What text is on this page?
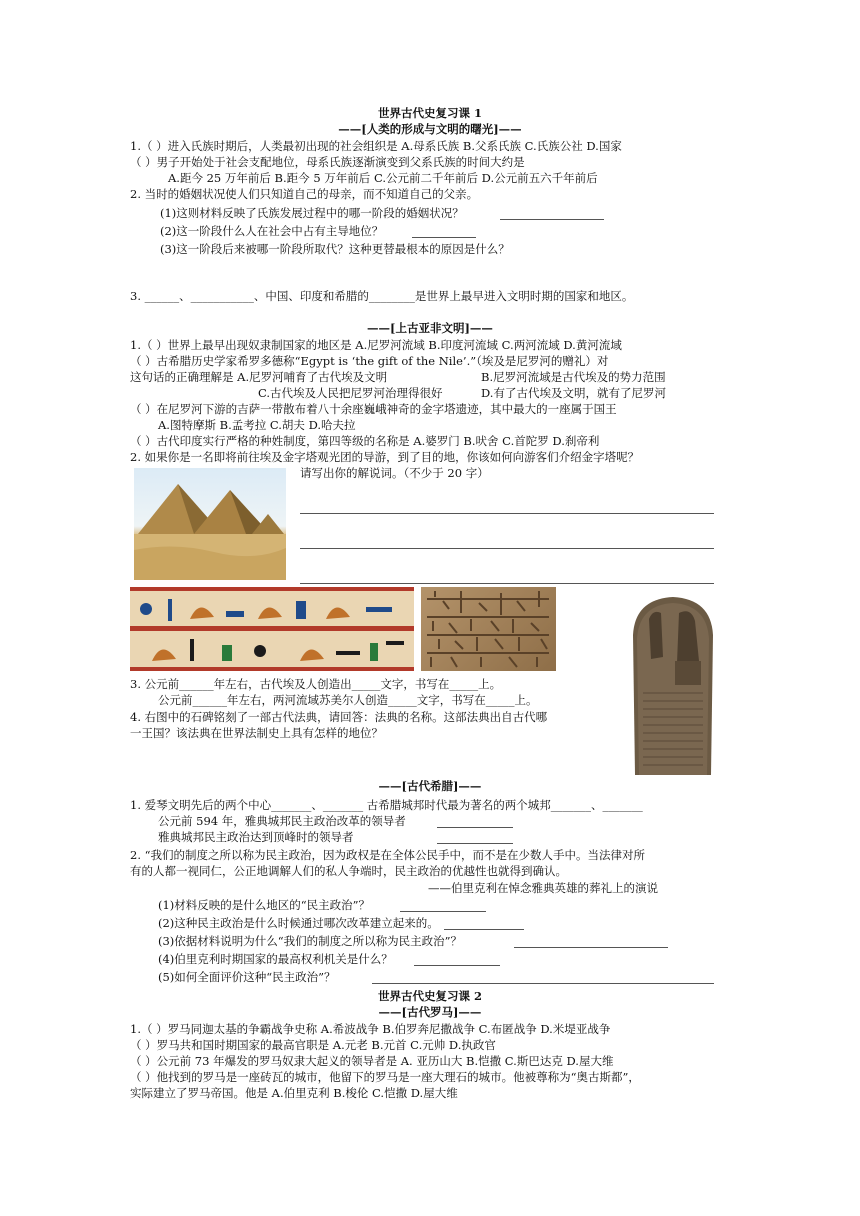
世界古代史复习课 1
——[人类的形成与文明的曙光]——
1.（ ）进入氏族时期后，人类最初出现的社会组织是 A.母系氏族 B.父系氏族 C.氏族公社 D.国家
（ ）男子开始处于社会支配地位，母系氏族逐渐演变到父系氏族的时间大约是
A.距今 25 万年前后 B.距今 5 万年前后 C.公元前二千年前后 D.公元前五六千年前后
2. 当时的婚姻状况使人们只知道自己的母亲，而不知道自己的父亲。
(1)这则材料反映了氏族发展过程中的哪一阶段的婚姻状况？
(2)这一阶段什么人在社会中占有主导地位？
(3)这一阶段后来被哪一阶段所取代？这种更替最根本的原因是什么？
3. ______、___________、中国、印度和希腊的________是世界上最早进入文明时期的国家和地区。
——[上古亚非文明]——
1.（ ）世界上最早出现奴隶制国家的地区是 A.尼罗河流域 B.印度河流域 C.两河流域 D.黄河流域
（ ）古希腊历史学家希罗多德称“Egypt is ‘the gift of the Nile’.”（埃及是尼罗河的赠礼）对
这句话的正确理解是 A.尼罗河哺育了古代埃及文明	B.尼罗河流域是古代埃及的势力范围
C.古代埃及人民把尼罗河治理得很好	D.有了古代埃及文明，就有了尼罗河
（ ）在尼罗河下游的吉萨一带散布着八十余座巍峨神奇的金字塔遗迹，其中最大的一座属于国王
A.图特摩斯 B.孟考拉 C.胡夫 D.哈夫拉
（ ）古代印度实行严格的种姓制度，第四等级的名称是 A.婆罗门 B.吠舍 C.首陀罗 D.刹帝利
2. 如果你是一名即将前往埃及金字塔观光团的导游，到了目的地，你该如何向游客们介绍金字塔呢？
请写出你的解说词。（不少于 20 字）
3. 公元前______年左右，古代埃及人创造出_____文字，书写在_____上。
公元前______年左右，两河流域苏美尔人创造_____文字，书写在_____上。
4. 右图中的石碑铭刻了一部古代法典，请回答：法典的名称。这部法典出自古代哪
一王国？该法典在世界法制史上具有怎样的地位？
——[古代希腊]——
1. 爱琴文明先后的两个中心_______、_______ 古希腊城邦时代最为著名的两个城邦_______、_______
公元前 594 年，雅典城邦民主政治改革的领导者
雅典城邦民主政治达到顶峰时的领导者
2. “我们的制度之所以称为民主政治，因为政权是在全体公民手中，而不是在少数人手中。当法律对所
有的人都一视同仁，公正地调解人们的私人争端时，民主政治的优越性也就得到确认。
——伯里克利在悼念雅典英雄的葬礼上的演说
(1)材料反映的是什么地区的“民主政治”？
(2)这种民主政治是什么时候通过哪次改革建立起来的。
(3)依据材料说明为什么“我们的制度之所以称为民主政治”？
(4)伯里克利时期国家的最高权利机关是什么？
(5)如何全面评价这种“民主政治”？
世界古代史复习课 2
——[古代罗马]——
1.（ ）罗马同迦太基的争霸战争史称 A.希波战争 B.伯罗奔尼撒战争 C.布匿战争 D.米堤亚战争
（ ）罗马共和国时期国家的最高官职是 A.元老 B.元首 C.元帅 D.执政官
（ ）公元前 73 年爆发的罗马奴隶大起义的领导者是 A. 亚历山大 B.恺撒 C.斯巴达克 D.屋大维
（ ）他找到的罗马是一座砖瓦的城市，他留下的罗马是一座大理石的城市。他被尊称为“奥古斯都”，
实际建立了罗马帝国。他是 A.伯里克利 B.梭伦 C.恺撒 D.屋大维
